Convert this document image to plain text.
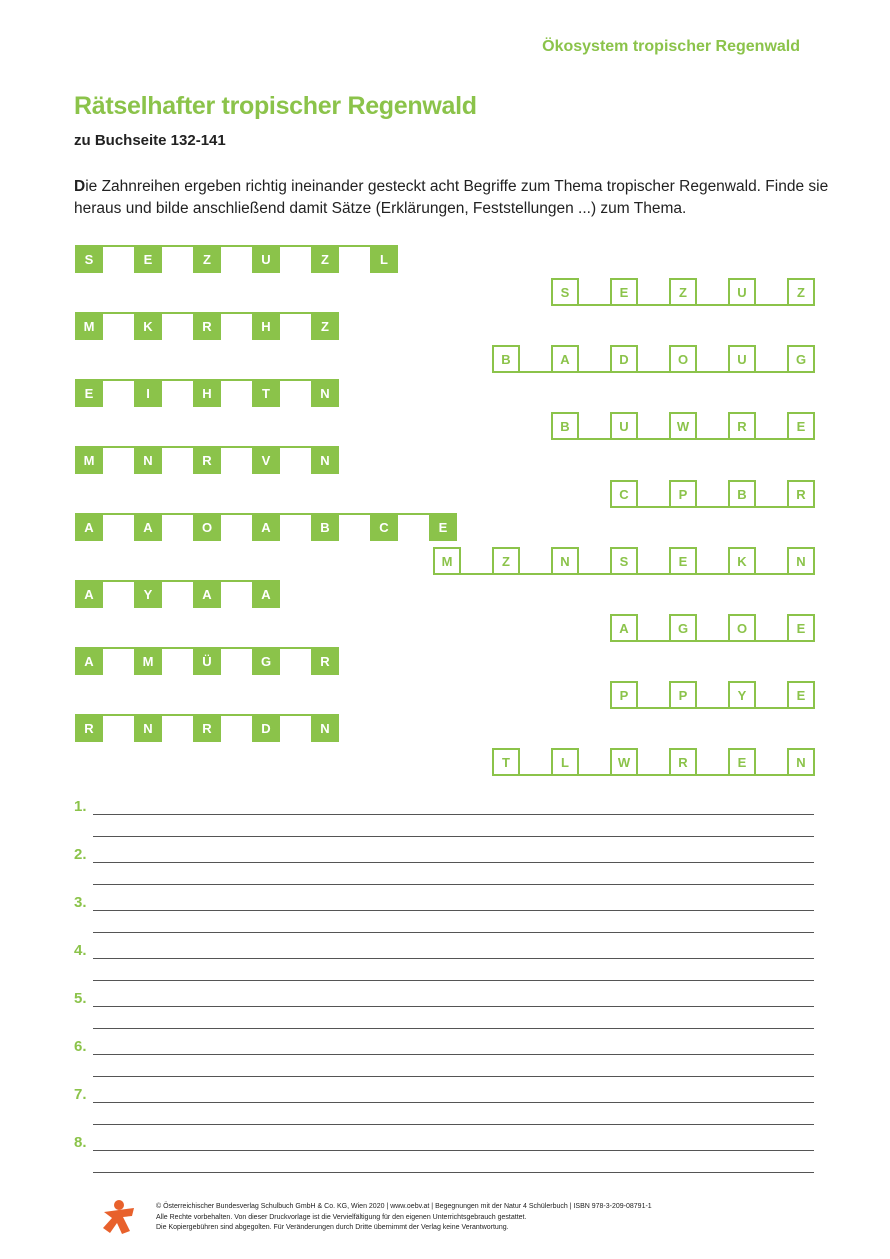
Ökosystem tropischer Regenwald
Rätselhafter tropischer Regenwald
zu Buchseite 132-141
Die Zahnreihen ergeben richtig ineinander gesteckt acht Begriffe zum Thema tropischer Regenwald. Finde sie heraus und bilde anschließend damit Sätze (Erklärungen, Feststellungen ...) zum Thema.
S	E	Z	U	Z	L
M	K	R	H	Z
E	I	H	T	N
M	N	R	V	N
A	A	O	A	B	C	E
A	Y	A	A
A	M	Ü	G	R
R	N	R	D	N
S	E	Z	U	Z
B	A	D	O	U	G
B	U	W	R	E
C	P	B	R
M	Z	N	S	E	K	N
A	G	O	E
P	P	Y	E
T	L	W	R	E	N
1.
2.
3.
4.
5.
6.
7.
8.
© Österreichischer Bundesverlag Schulbuch GmbH & Co. KG, Wien 2020 | www.oebv.at | Begegnungen mit der Natur 4 Schülerbuch | ISBN 978-3-209-08791-1
Alle Rechte vorbehalten. Von dieser Druckvorlage ist die Vervielfältigung für den eigenen Unterrichtsgebrauch gestattet.
Die Kopiergebühren sind abgegolten. Für Veränderungen durch Dritte übernimmt der Verlag keine Verantwortung.
